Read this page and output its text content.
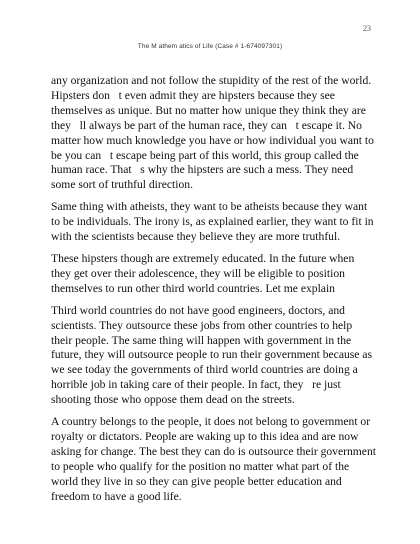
23
The M athem atics of Life (Case # 1-674097301)

any organization and not follow the stupidity of the rest of the world. Hipsters don   t even admit they are hipsters because they see themselves as unique. But no matter how unique they think they are they   ll always be part of the human race, they can   t escape it. No matter how much knowledge you have or how individual you want to be you can   t escape being part of this world, this group called the human race. That   s why the hipsters are such a mess. They need some sort of truthful direction.

Same thing with atheists, they want to be atheists because they want to be individuals. The irony is, as explained earlier, they want to fit in with the scientists because they believe they are more truthful.

These hipsters though are extremely educated. In the future when they get over their adolescence, they will be eligible to position themselves to run other third world countries. Let me explain

Third world countries do not have good engineers, doctors, and scientists. They outsource these jobs from other countries to help their people. The same thing will happen with government in the future, they will outsource people to run their government because as we see today the governments of third world countries are doing a horrible job in taking care of their people. In fact, they   re just shooting those who oppose them dead on the streets.

A country belongs to the people, it does not belong to government or royalty or dictators. People are waking up to this idea and are now asking for change. The best they can do is outsource their government to people who qualify for the position no matter what part of the world they live in so they can give people better education and freedom to have a good life.
